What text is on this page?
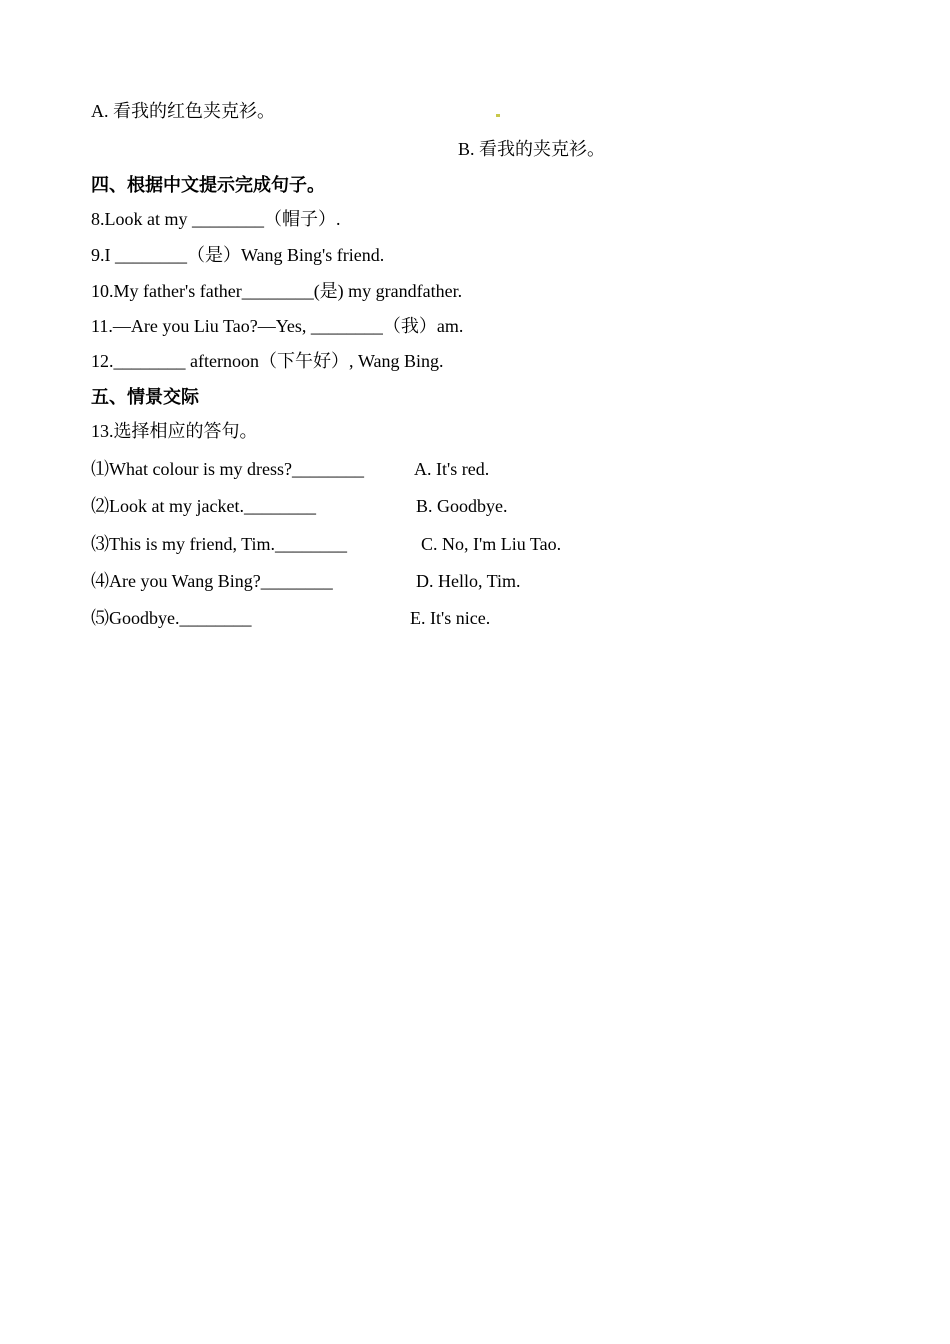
A. 看我的红色夹克衫。
B. 看我的夹克衫。
四、根据中文提示完成句子。
8.Look at my ________（帽子）.
9.I ________（是）Wang Bing's friend.
10.My father's father________(是) my grandfather.
11.—Are you Liu Tao?—Yes, ________（我）am.
12.________ afternoon（下午好）, Wang Bing.
五、情景交际
13.选择相应的答句。
⑴What colour is my dress?________	A. It's red.
⑵Look at my jacket.________	B. Goodbye.
⑶This is my friend, Tim.________	C. No, I'm Liu Tao.
⑷Are you Wang Bing?________	D. Hello, Tim.
⑸Goodbye.________	E. It's nice.
